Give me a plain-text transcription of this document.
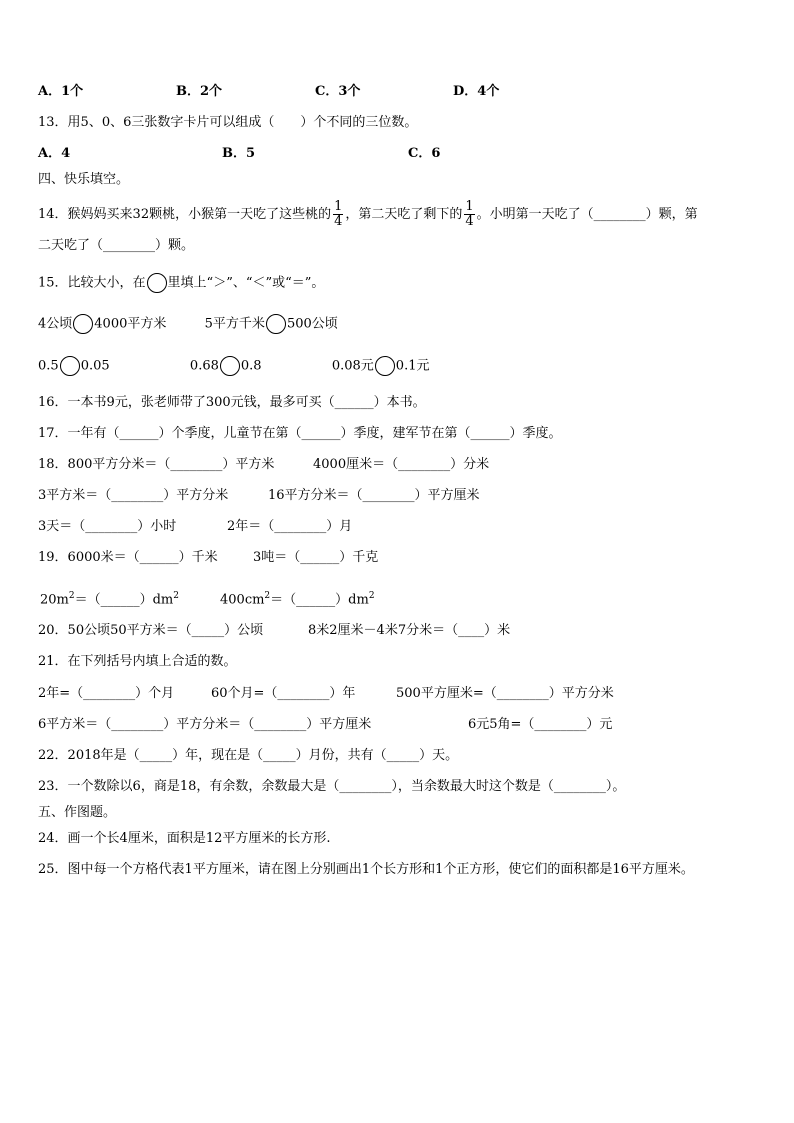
A．1个	B．2个	C．3个	D．4个
13．用5、0、6三张数字卡片可以组成（　　）个不同的三位数。
A．4	B．5	C．6
四、快乐填空。
14．猴妈妈买来32颗桃，小猴第一天吃了这些桃的 $\frac{1}{4}$ ，第二天吃了剩下的 $\frac{1}{4}$ 。小明第一天吃了（________）颗，第
二天吃了（________）颗。
15．比较大小，在 里填上“＞”、“＜”或“＝”。
4公顷 4000平方米	5平方千米 500公顷
0.5 0.05	0.68 0.8	0.08元 0.1元
16．一本书9元，张老师带了300元钱，最多可买（______）本书。
17．一年有（______）个季度，儿童节在第（______）季度，建军节在第（______）季度。
18．800平方分米＝（________）平方米	4000厘米＝（________）分米
3平方米＝（________）平方分米	16平方分米＝（________）平方厘米
3天＝（________）小时	2年＝（________）月
19．6000米＝（______）千米	3吨＝（______）千克
$20m^2=(\_\_\_\_\_\_)dm^2$	$400cm^2=(\_\_\_\_\_\_)dm^2$
20．50公顷50平方米＝（_____）公顷	8米2厘米－4米7分米＝（____）米
21．在下列括号内填上合适的数。
2年=（________）个月	60个月=（________）年	500平方厘米=（________）平方分米
6平方米＝（________）平方分米＝（________）平方厘米	6元5角=（________）元
22．2018年是（_____）年，现在是（_____）月份，共有（_____）天。
23．一个数除以6，商是18，有余数，余数最大是（________），当余数最大时这个数是（________）。
五、作图题。
24．画一个长4厘米，面积是12平方厘米的长方形.
25．图中每一个方格代表1平方厘米，请在图上分别画出1个长方形和1个正方形，使它们的面积都是16平方厘米。
